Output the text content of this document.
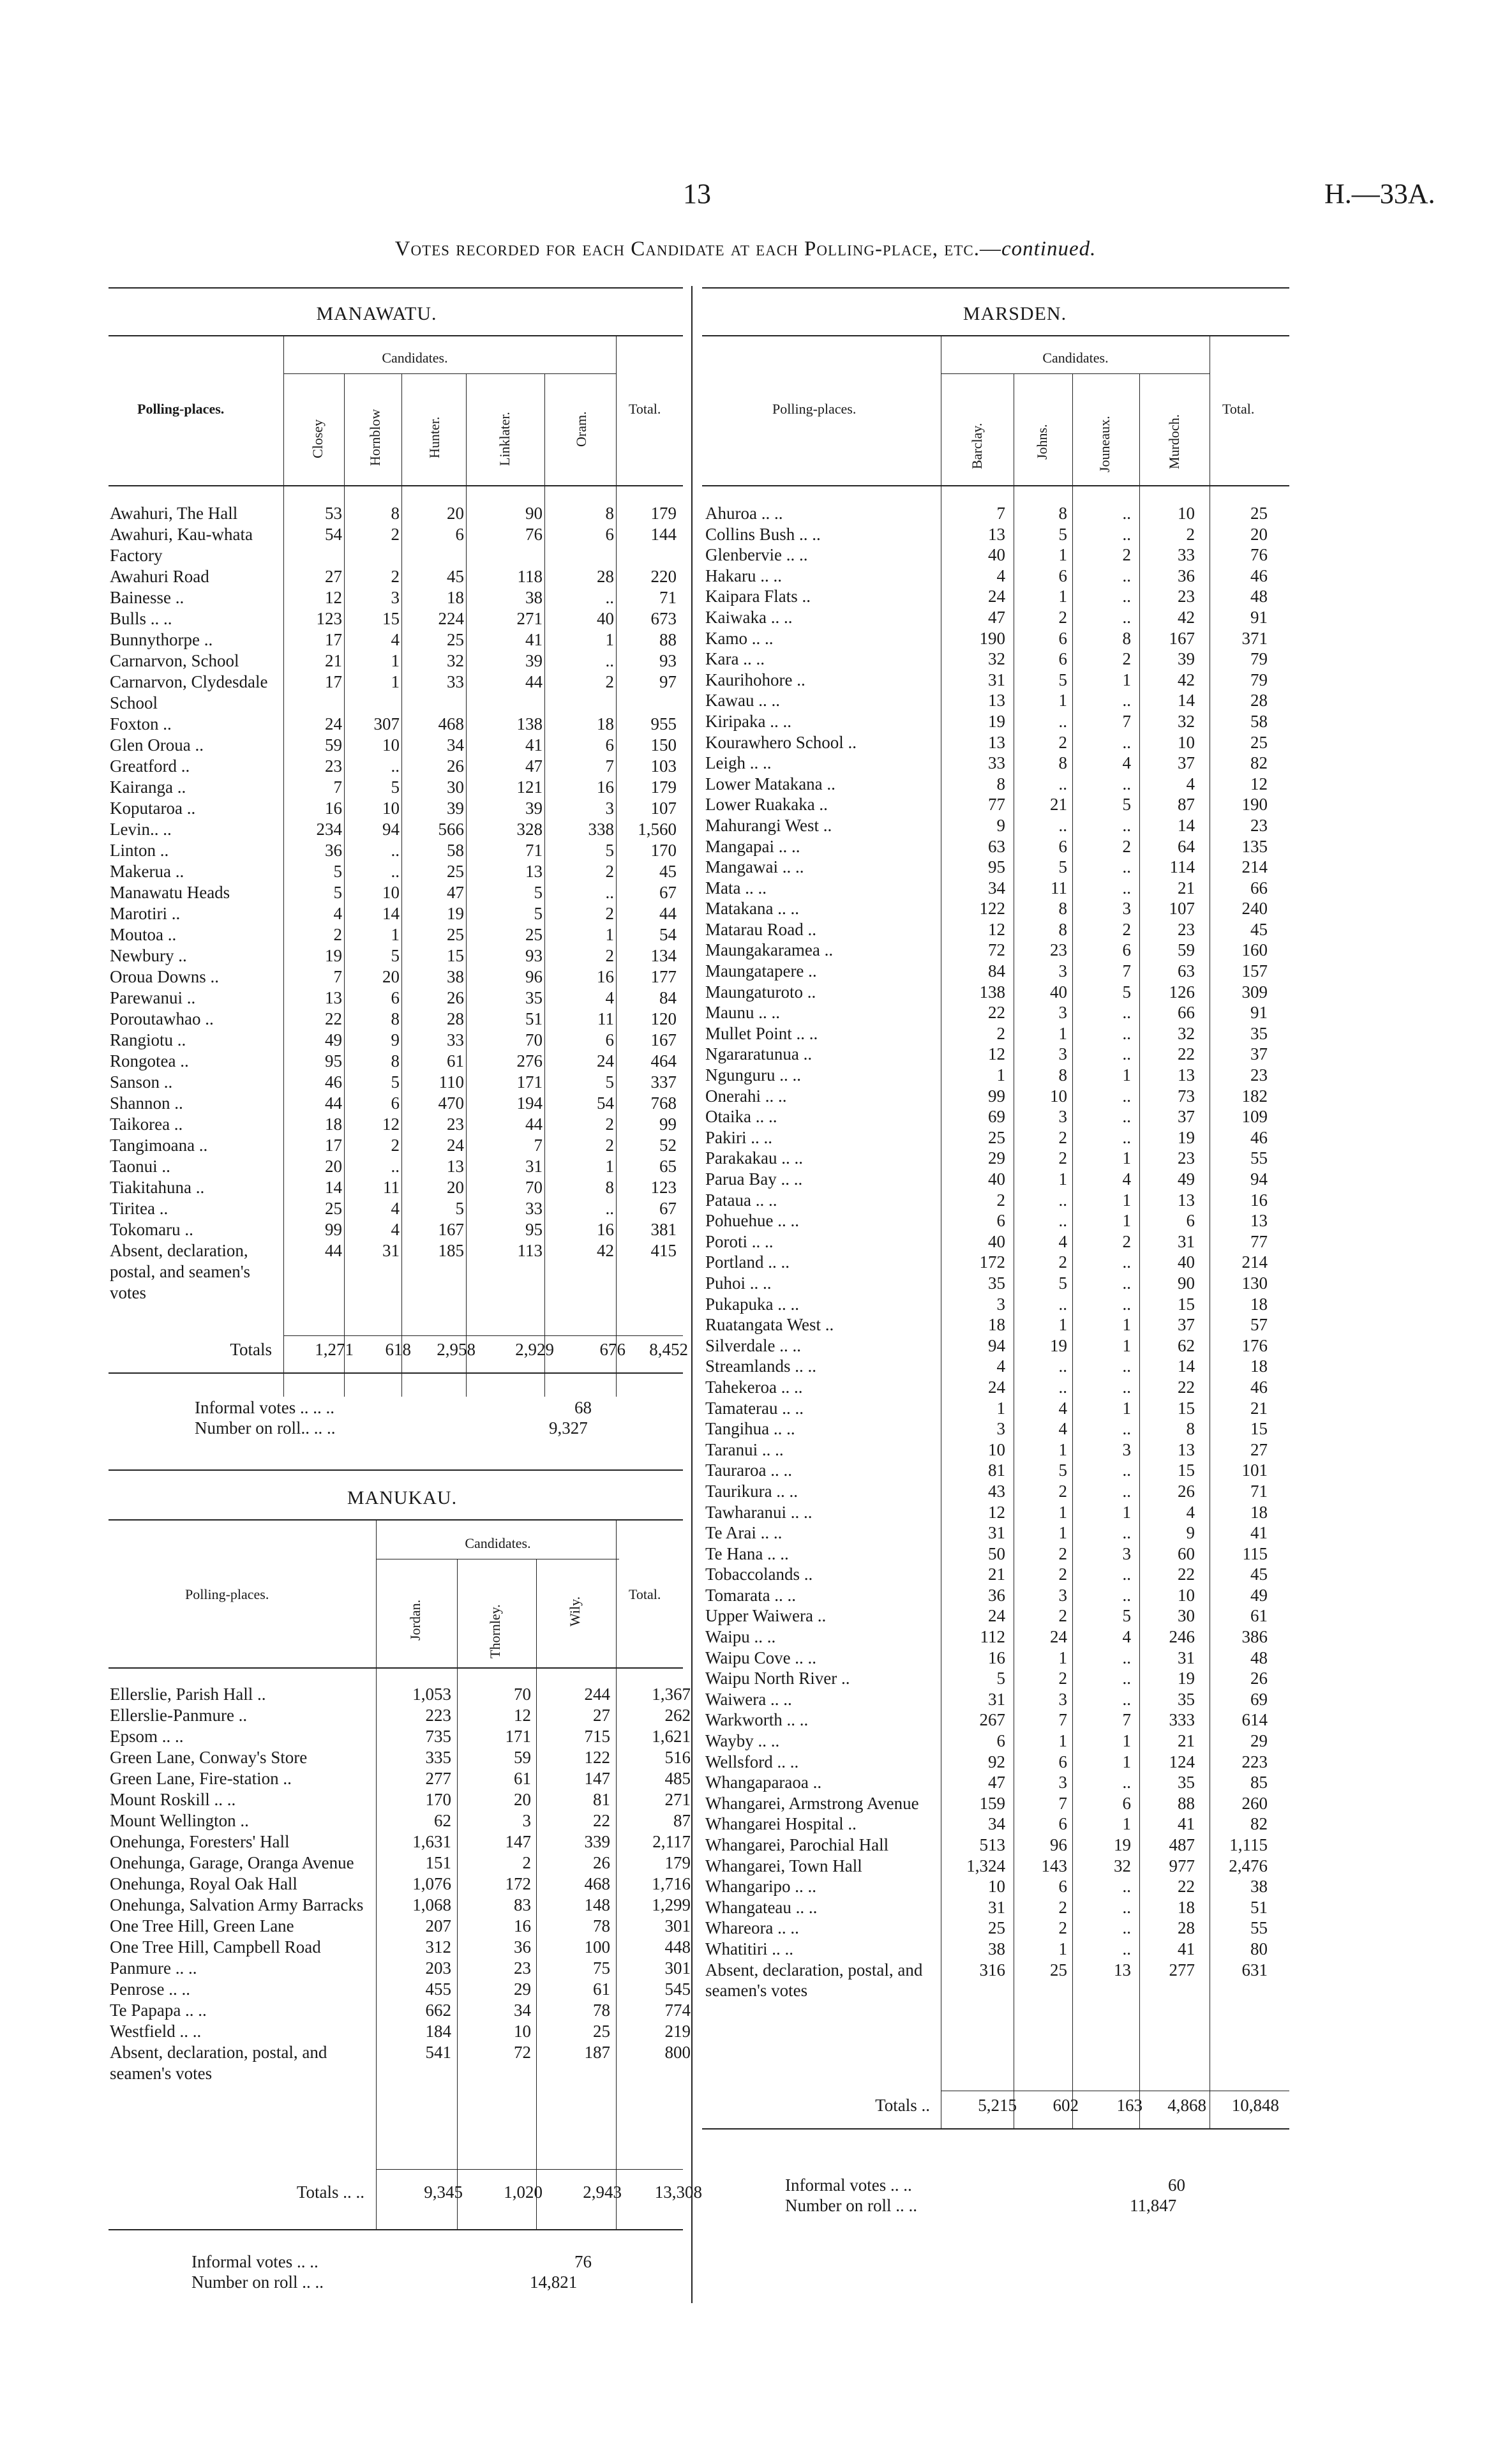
13	H.—33A.
Votes recorded for each Candidate at each Polling-place, etc.—continued.
MANAWATU.
Candidates.
Polling-places.	Total.
Closey	Hornblow	Hunter.	Linklater.	Oram.
Awahuri, The Hall	53	8	20	90	8	179
Awahuri, Kau-whata Factory	54	2	6	76	6	144
Awahuri Road	27	2	45	118	28	220
Bainesse ..	12	3	18	38	..	71
Bulls .. ..	123	15	224	271	40	673
Bunnythorpe ..	17	4	25	41	1	88
Carnarvon, School	21	1	32	39	..	93
Carnarvon, Clydesdale School	17	1	33	44	2	97
Foxton ..	24	307	468	138	18	955
Glen Oroua ..	59	10	34	41	6	150
Greatford ..	23	..	26	47	7	103
Kairanga ..	7	5	30	121	16	179
Koputaroa ..	16	10	39	39	3	107
Levin.. ..	234	94	566	328	338	1,560
Linton ..	36	..	58	71	5	170
Makerua ..	5	..	25	13	2	45
Manawatu Heads	5	10	47	5	..	67
Marotiri ..	4	14	19	5	2	44
Moutoa ..	2	1	25	25	1	54
Newbury ..	19	5	15	93	2	134
Oroua Downs ..	7	20	38	96	16	177
Parewanui ..	13	6	26	35	4	84
Poroutawhao ..	22	8	28	51	11	120
Rangiotu ..	49	9	33	70	6	167
Rongotea ..	95	8	61	276	24	464
Sanson ..	46	5	110	171	5	337
Shannon ..	44	6	470	194	54	768
Taikorea ..	18	12	23	44	2	99
Tangimoana ..	17	2	24	7	2	52
Taonui ..	20	..	13	31	1	65
Tiakitahuna ..	14	11	20	70	8	123
Tiritea ..	25	4	5	33	..	67
Tokomaru ..	99	4	167	95	16	381
Absent, declaration, postal, and seamen's votes	44	31	185	113	42	415
Totals	1,271	618	2,958	2,929	676	8,452
Informal votes .. .. ..	68
Number on roll.. .. ..	9,327
MANUKAU.
Candidates.
Polling-places.	Total.
Jordan.	Thornley.	Wily.
Ellerslie, Parish Hall ..	1,053	70	244	1,367
Ellerslie-Panmure ..	223	12	27	262
Epsom .. ..	735	171	715	1,621
Green Lane, Conway's Store	335	59	122	516
Green Lane, Fire-station ..	277	61	147	485
Mount Roskill .. ..	170	20	81	271
Mount Wellington ..	62	3	22	87
Onehunga, Foresters' Hall	1,631	147	339	2,117
Onehunga, Garage, Oranga Avenue	151	2	26	179
Onehunga, Royal Oak Hall	1,076	172	468	1,716
Onehunga, Salvation Army Barracks	1,068	83	148	1,299
One Tree Hill, Green Lane	207	16	78	301
One Tree Hill, Campbell Road	312	36	100	448
Panmure .. ..	203	23	75	301
Penrose .. ..	455	29	61	545
Te Papapa .. ..	662	34	78	774
Westfield .. ..	184	10	25	219
Absent, declaration, postal, and seamen's votes	541	72	187	800
Totals .. ..	9,345	1,020	2,943	13,308
Informal votes .. ..	76
Number on roll .. ..	14,821
MARSDEN.
Candidates.
Polling-places.	Total.
Barclay.	Johns.	Jouneaux.	Murdoch.
Ahuroa .. ..	7	8	..	10	25
Collins Bush .. ..	13	5	..	2	20
Glenbervie .. ..	40	1	2	33	76
Hakaru .. ..	4	6	..	36	46
Kaipara Flats ..	24	1	..	23	48
Kaiwaka .. ..	47	2	..	42	91
Kamo .. ..	190	6	8	167	371
Kara .. ..	32	6	2	39	79
Kaurihohore ..	31	5	1	42	79
Kawau .. ..	13	1	..	14	28
Kiripaka .. ..	19	..	7	32	58
Kourawhero School ..	13	2	..	10	25
Leigh .. ..	33	8	4	37	82
Lower Matakana ..	8	..	..	4	12
Lower Ruakaka ..	77	21	5	87	190
Mahurangi West ..	9	..	..	14	23
Mangapai .. ..	63	6	2	64	135
Mangawai .. ..	95	5	..	114	214
Mata .. ..	34	11	..	21	66
Matakana .. ..	122	8	3	107	240
Matarau Road ..	12	8	2	23	45
Maungakaramea ..	72	23	6	59	160
Maungatapere ..	84	3	7	63	157
Maungaturoto ..	138	40	5	126	309
Maunu .. ..	22	3	..	66	91
Mullet Point .. ..	2	1	..	32	35
Ngararatunua ..	12	3	..	22	37
Ngunguru .. ..	1	8	1	13	23
Onerahi .. ..	99	10	..	73	182
Otaika .. ..	69	3	..	37	109
Pakiri .. ..	25	2	..	19	46
Parakakau .. ..	29	2	1	23	55
Parua Bay .. ..	40	1	4	49	94
Pataua .. ..	2	..	1	13	16
Pohuehue .. ..	6	..	1	6	13
Poroti .. ..	40	4	2	31	77
Portland .. ..	172	2	..	40	214
Puhoi .. ..	35	5	..	90	130
Pukapuka .. ..	3	..	..	15	18
Ruatangata West ..	18	1	1	37	57
Silverdale .. ..	94	19	1	62	176
Streamlands .. ..	4	..	..	14	18
Tahekeroa .. ..	24	..	..	22	46
Tamaterau .. ..	1	4	1	15	21
Tangihua .. ..	3	4	..	8	15
Taranui .. ..	10	1	3	13	27
Tauraroa .. ..	81	5	..	15	101
Taurikura .. ..	43	2	..	26	71
Tawharanui .. ..	12	1	1	4	18
Te Arai .. ..	31	1	..	9	41
Te Hana .. ..	50	2	3	60	115
Tobaccolands ..	21	2	..	22	45
Tomarata .. ..	36	3	..	10	49
Upper Waiwera ..	24	2	5	30	61
Waipu .. ..	112	24	4	246	386
Waipu Cove .. ..	16	1	..	31	48
Waipu North River ..	5	2	..	19	26
Waiwera .. ..	31	3	..	35	69
Warkworth .. ..	267	7	7	333	614
Wayby .. ..	6	1	1	21	29
Wellsford .. ..	92	6	1	124	223
Whangaparaoa ..	47	3	..	35	85
Whangarei, Armstrong Avenue	159	7	6	88	260
Whangarei Hospital ..	34	6	1	41	82
Whangarei, Parochial Hall	513	96	19	487	1,115
Whangarei, Town Hall	1,324	143	32	977	2,476
Whangaripo .. ..	10	6	..	22	38
Whangateau .. ..	31	2	..	18	51
Whareora .. ..	25	2	..	28	55
Whatitiri .. ..	38	1	..	41	80
Absent, declaration, postal, and seamen's votes	316	25	13	277	631
Totals ..	5,215	602	163	4,868	10,848
Informal votes .. ..	60
Number on roll .. ..	11,847
